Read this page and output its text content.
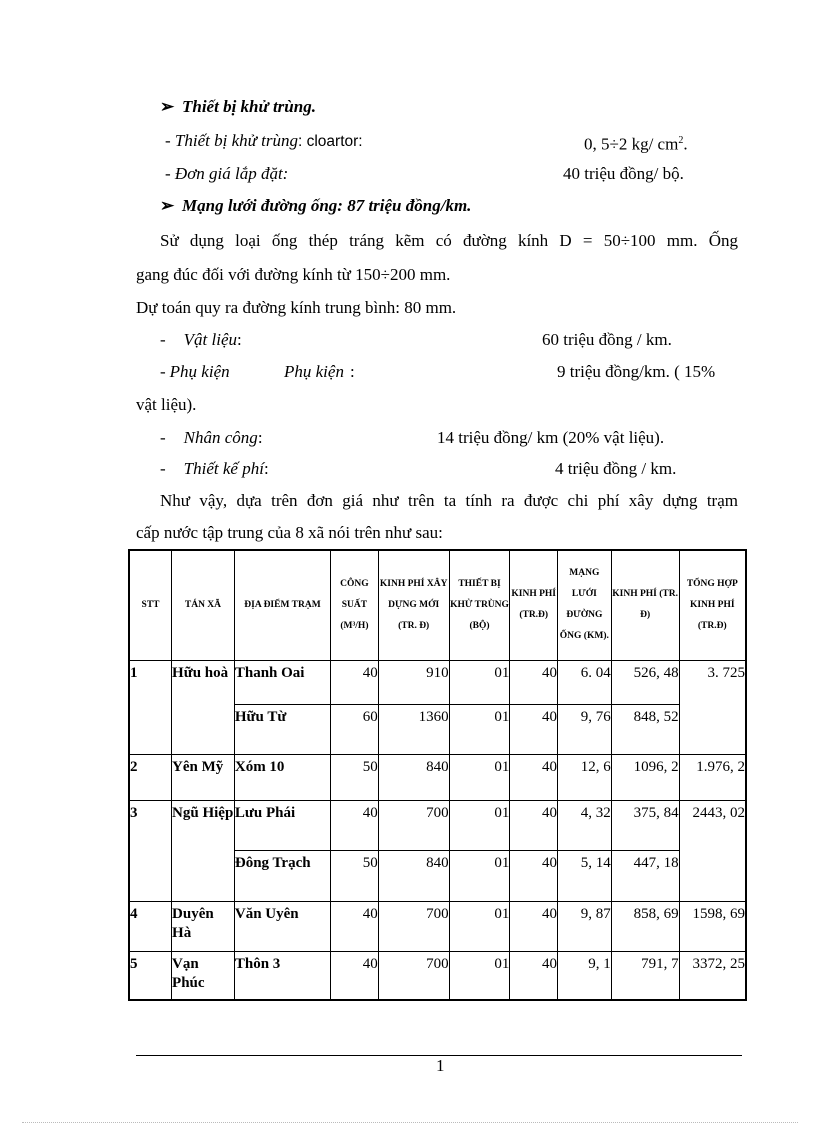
➢ Thiết bị khử trùng.
- Thiết bị khử trùng: cloartor:	0, 5÷2 kg/ $cm^2$.
- Đơn giá lắp đặt:	40 triệu đồng/ bộ.
➢ Mạng lưới đường ống: 87 triệu đồng/km.
Sử dụng loại ống thép tráng kẽm có đường kính D = 50÷100 mm. Ống
gang đúc đối với đường kính từ 150÷200 mm.
Dự toán quy ra đường kính trung bình: 80 mm.
- Vật liệu:	60 triệu đồng / km.
- Phụ kiện	Phụ kiện :	9 triệu đồng/km. ( 15%
vật liệu).
- Nhân công:	14 triệu đồng/ km (20% vật liệu).
- Thiết kế phí:	4 triệu đồng / km.
Như vậy, dựa trên đơn giá như trên ta tính ra được chi phí xây dựng trạm
cấp nước tập trung của 8 xã nói trên như sau:
STT	TÁN XÃ	ĐỊA ĐIỂM TRẠM	CÔNG SUẤT (M³/H)	KINH PHÍ XÂY DỰNG MỚI (TR. Đ)	THIẾT BỊ KHỬ TRÙNG (BỘ)	KINH PHÍ (TR.Đ)	MẠNG LƯỚI ĐƯỜNG ỐNG (KM).	KINH PHÍ (TR. Đ)	TỔNG HỢP KINH PHÍ (TR.Đ)
1	Hữu hoà	Thanh Oai	40	910	01	40	6. 04	526, 48	3. 725
		Hữu Từ	60	1360	01	40	9, 76	848, 52	
2	Yên Mỹ	Xóm 10	50	840	01	40	12, 6	1096, 2	1.976, 2
3	Ngũ Hiệp	Lưu Phái	40	700	01	40	4, 32	375, 84	2443, 02
		Đông Trạch	50	840	01	40	5, 14	447, 18	
4	Duyên Hà	Văn Uyên	40	700	01	40	9, 87	858, 69	1598, 69
5	Vạn Phúc	Thôn 3	40	700	01	40	9, 1	791, 7	3372, 25
1
